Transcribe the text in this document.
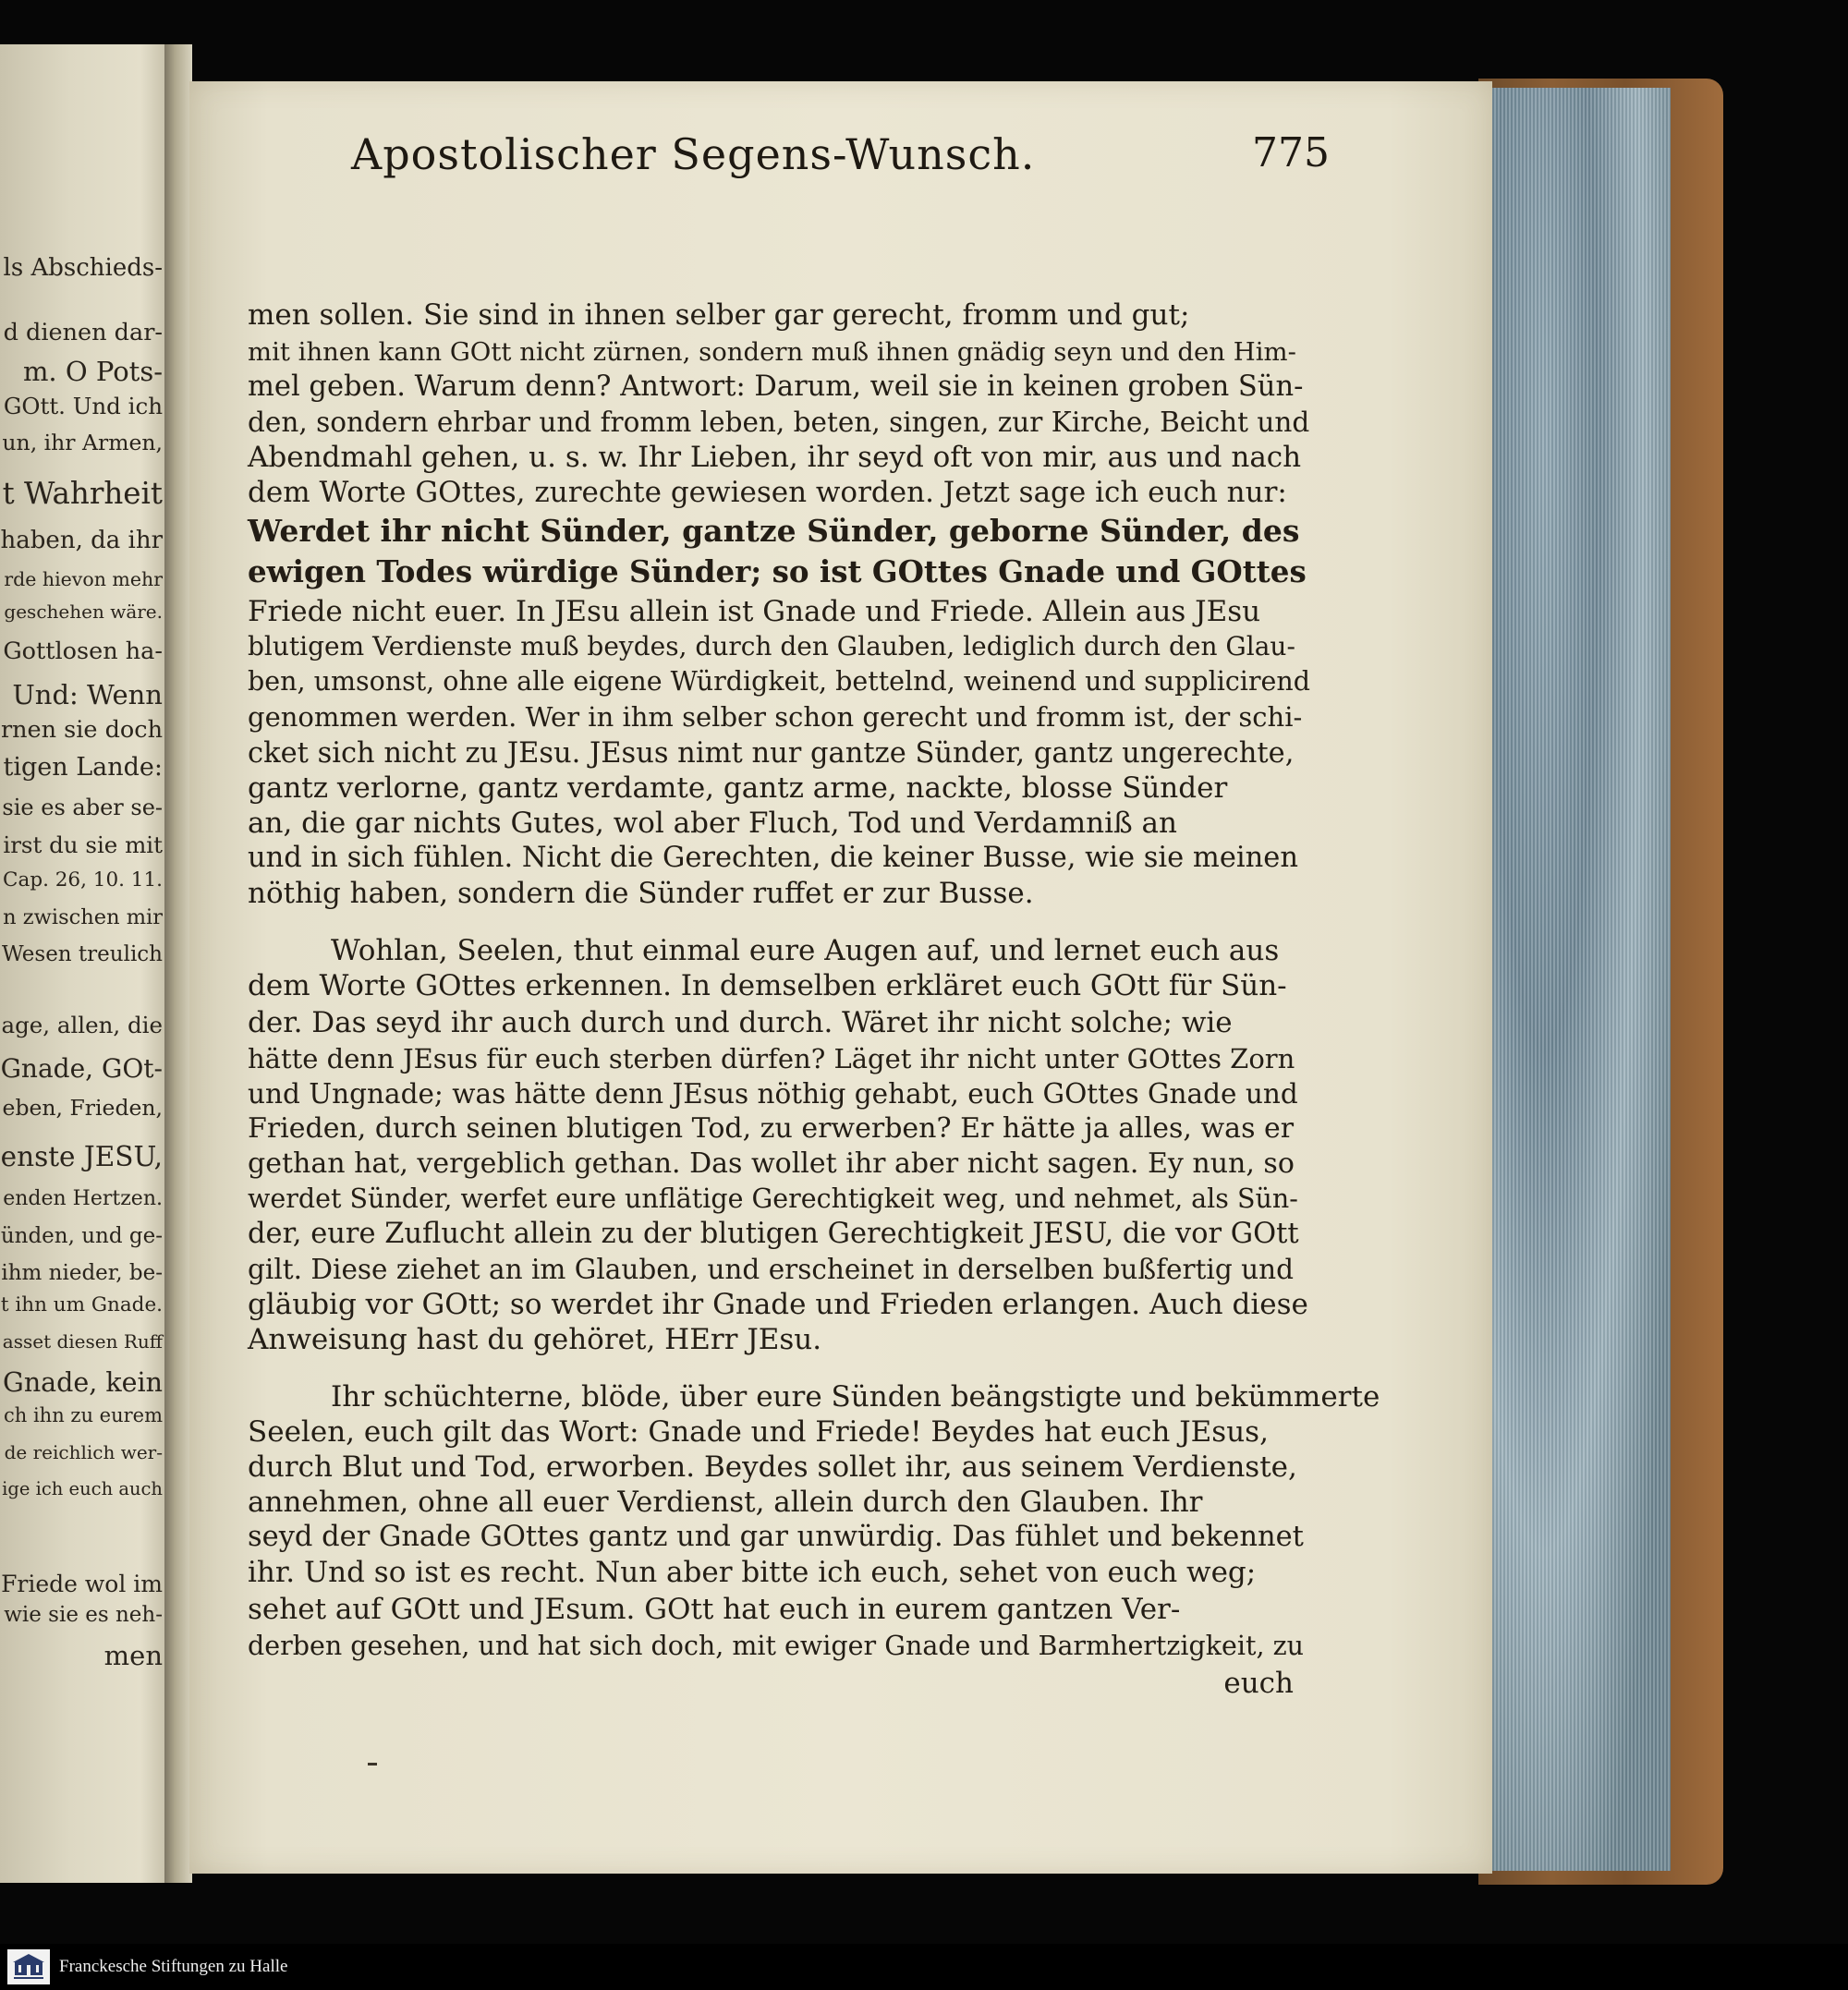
ls Abschieds-
d dienen dar-
m. O Pots-
GOtt. Und ich
un, ihr Armen,
t Wahrheit
haben, da ihr
rde hievon mehr
geschehen wäre.
Gottlosen ha-
Und: Wenn
rnen sie doch
tigen Lande:
sie es aber se-
irst du sie mit
Cap. 26, 10. 11.
n zwischen mir
Wesen treulich
age, allen, die
Gnade, GOt-
eben, Frieden,
enste JESU,
enden Hertzen.
ünden, und ge-
ihm nieder, be-
t ihn um Gnade.
asset diesen Ruff
Gnade, kein
ch ihn zu eurem
de reichlich wer-
ige ich euch auch
Friede wol im
wie sie es neh-
men
Apostolischer Segens-Wunsch.	775
men sollen. Sie sind in ihnen selber gar gerecht, fromm und gut;
mit ihnen kann GOtt nicht zürnen, sondern muß ihnen gnädig seyn und den Him-
mel geben. Warum denn? Antwort: Darum, weil sie in keinen groben Sün-
den, sondern ehrbar und fromm leben, beten, singen, zur Kirche, Beicht und
Abendmahl gehen, u. s. w. Ihr Lieben, ihr seyd oft von mir, aus und nach
dem Worte GOttes, zurechte gewiesen worden. Jetzt sage ich euch nur:
Werdet ihr nicht Sünder, gantze Sünder, geborne Sünder, des
ewigen Todes würdige Sünder; so ist GOttes Gnade und GOttes
Friede nicht euer. In JEsu allein ist Gnade und Friede. Allein aus JEsu
blutigem Verdienste muß beydes, durch den Glauben, lediglich durch den Glau-
ben, umsonst, ohne alle eigene Würdigkeit, bettelnd, weinend und supplicirend
genommen werden. Wer in ihm selber schon gerecht und fromm ist, der schi-
cket sich nicht zu JEsu. JEsus nimt nur gantze Sünder, gantz ungerechte,
gantz verlorne, gantz verdamte, gantz arme, nackte, blosse Sünder
an, die gar nichts Gutes, wol aber Fluch, Tod und Verdamniß an
und in sich fühlen. Nicht die Gerechten, die keiner Busse, wie sie meinen
nöthig haben, sondern die Sünder ruffet er zur Busse.
Wohlan, Seelen, thut einmal eure Augen auf, und lernet euch aus
dem Worte GOttes erkennen. In demselben erkläret euch GOtt für Sün-
der. Das seyd ihr auch durch und durch. Wäret ihr nicht solche; wie
hätte denn JEsus für euch sterben dürfen? Läget ihr nicht unter GOttes Zorn
und Ungnade; was hätte denn JEsus nöthig gehabt, euch GOttes Gnade und
Frieden, durch seinen blutigen Tod, zu erwerben? Er hätte ja alles, was er
gethan hat, vergeblich gethan. Das wollet ihr aber nicht sagen. Ey nun, so
werdet Sünder, werfet eure unflätige Gerechtigkeit weg, und nehmet, als Sün-
der, eure Zuflucht allein zu der blutigen Gerechtigkeit JESU, die vor GOtt
gilt. Diese ziehet an im Glauben, und erscheinet in derselben bußfertig und
gläubig vor GOtt; so werdet ihr Gnade und Frieden erlangen. Auch diese
Anweisung hast du gehöret, HErr JEsu.
Ihr schüchterne, blöde, über eure Sünden beängstigte und bekümmerte
Seelen, euch gilt das Wort: Gnade und Friede! Beydes hat euch JEsus,
durch Blut und Tod, erworben. Beydes sollet ihr, aus seinem Verdienste,
annehmen, ohne all euer Verdienst, allein durch den Glauben. Ihr
seyd der Gnade GOttes gantz und gar unwürdig. Das fühlet und bekennet
ihr. Und so ist es recht. Nun aber bitte ich euch, sehet von euch weg;
sehet auf GOtt und JEsum. GOtt hat euch in eurem gantzen Ver-
derben gesehen, und hat sich doch, mit ewiger Gnade und Barmhertzigkeit, zu
euch
Franckesche Stiftungen zu Halle
